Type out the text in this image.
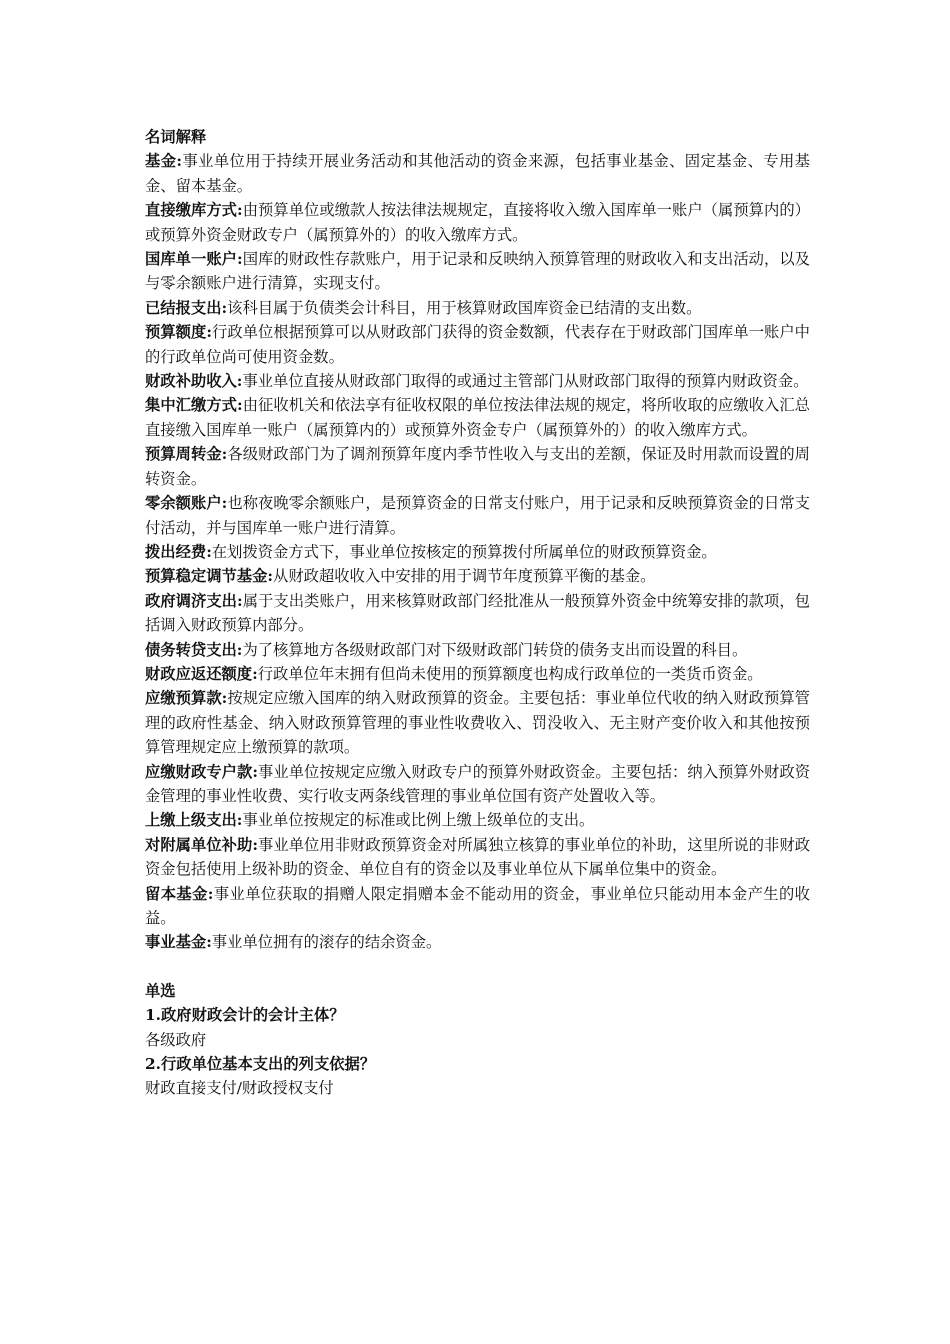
名词解释

基金:事业单位用于持续开展业务活动和其他活动的资金来源，包括事业基金、固定基金、专用基金、留本基金。

直接缴库方式:由预算单位或缴款人按法律法规规定，直接将收入缴入国库单一账户（属预算内的）或预算外资金财政专户（属预算外的）的收入缴库方式。

国库单一账户:国库的财政性存款账户，用于记录和反映纳入预算管理的财政收入和支出活动，以及与零余额账户进行清算，实现支付。

已结报支出:该科目属于负债类会计科目，用于核算财政国库资金已结清的支出数。

预算额度:行政单位根据预算可以从财政部门获得的资金数额，代表存在于财政部门国库单一账户中的行政单位尚可使用资金数。

财政补助收入:事业单位直接从财政部门取得的或通过主管部门从财政部门取得的预算内财政资金。

集中汇缴方式:由征收机关和依法享有征收权限的单位按法律法规的规定，将所收取的应缴收入汇总直接缴入国库单一账户（属预算内的）或预算外资金专户（属预算外的）的收入缴库方式。

预算周转金:各级财政部门为了调剂预算年度内季节性收入与支出的差额，保证及时用款而设置的周转资金。

零余额账户:也称夜晚零余额账户，是预算资金的日常支付账户，用于记录和反映预算资金的日常支付活动，并与国库单一账户进行清算。

拨出经费:在划拨资金方式下，事业单位按核定的预算拨付所属单位的财政预算资金。

预算稳定调节基金:从财政超收收入中安排的用于调节年度预算平衡的基金。

政府调济支出:属于支出类账户，用来核算财政部门经批准从一般预算外资金中统筹安排的款项，包括调入财政预算内部分。

债务转贷支出:为了核算地方各级财政部门对下级财政部门转贷的债务支出而设置的科目。

财政应返还额度:行政单位年末拥有但尚未使用的预算额度也构成行政单位的一类货币资金。

应缴预算款:按规定应缴入国库的纳入财政预算的资金。主要包括：事业单位代收的纳入财政预算管理的政府性基金、纳入财政预算管理的事业性收费收入、罚没收入、无主财产变价收入和其他按预算管理规定应上缴预算的款项。

应缴财政专户款:事业单位按规定应缴入财政专户的预算外财政资金。主要包括：纳入预算外财政资金管理的事业性收费、实行收支两条线管理的事业单位国有资产处置收入等。

上缴上级支出:事业单位按规定的标准或比例上缴上级单位的支出。

对附属单位补助:事业单位用非财政预算资金对所属独立核算的事业单位的补助，这里所说的非财政资金包括使用上级补助的资金、单位自有的资金以及事业单位从下属单位集中的资金。

留本基金:事业单位获取的捐赠人限定捐赠本金不能动用的资金，事业单位只能动用本金产生的收益。

事业基金:事业单位拥有的滚存的结余资金。

单选
1.政府财政会计的会计主体？
各级政府
2.行政单位基本支出的列支依据？
财政直接支付/财政授权支付
